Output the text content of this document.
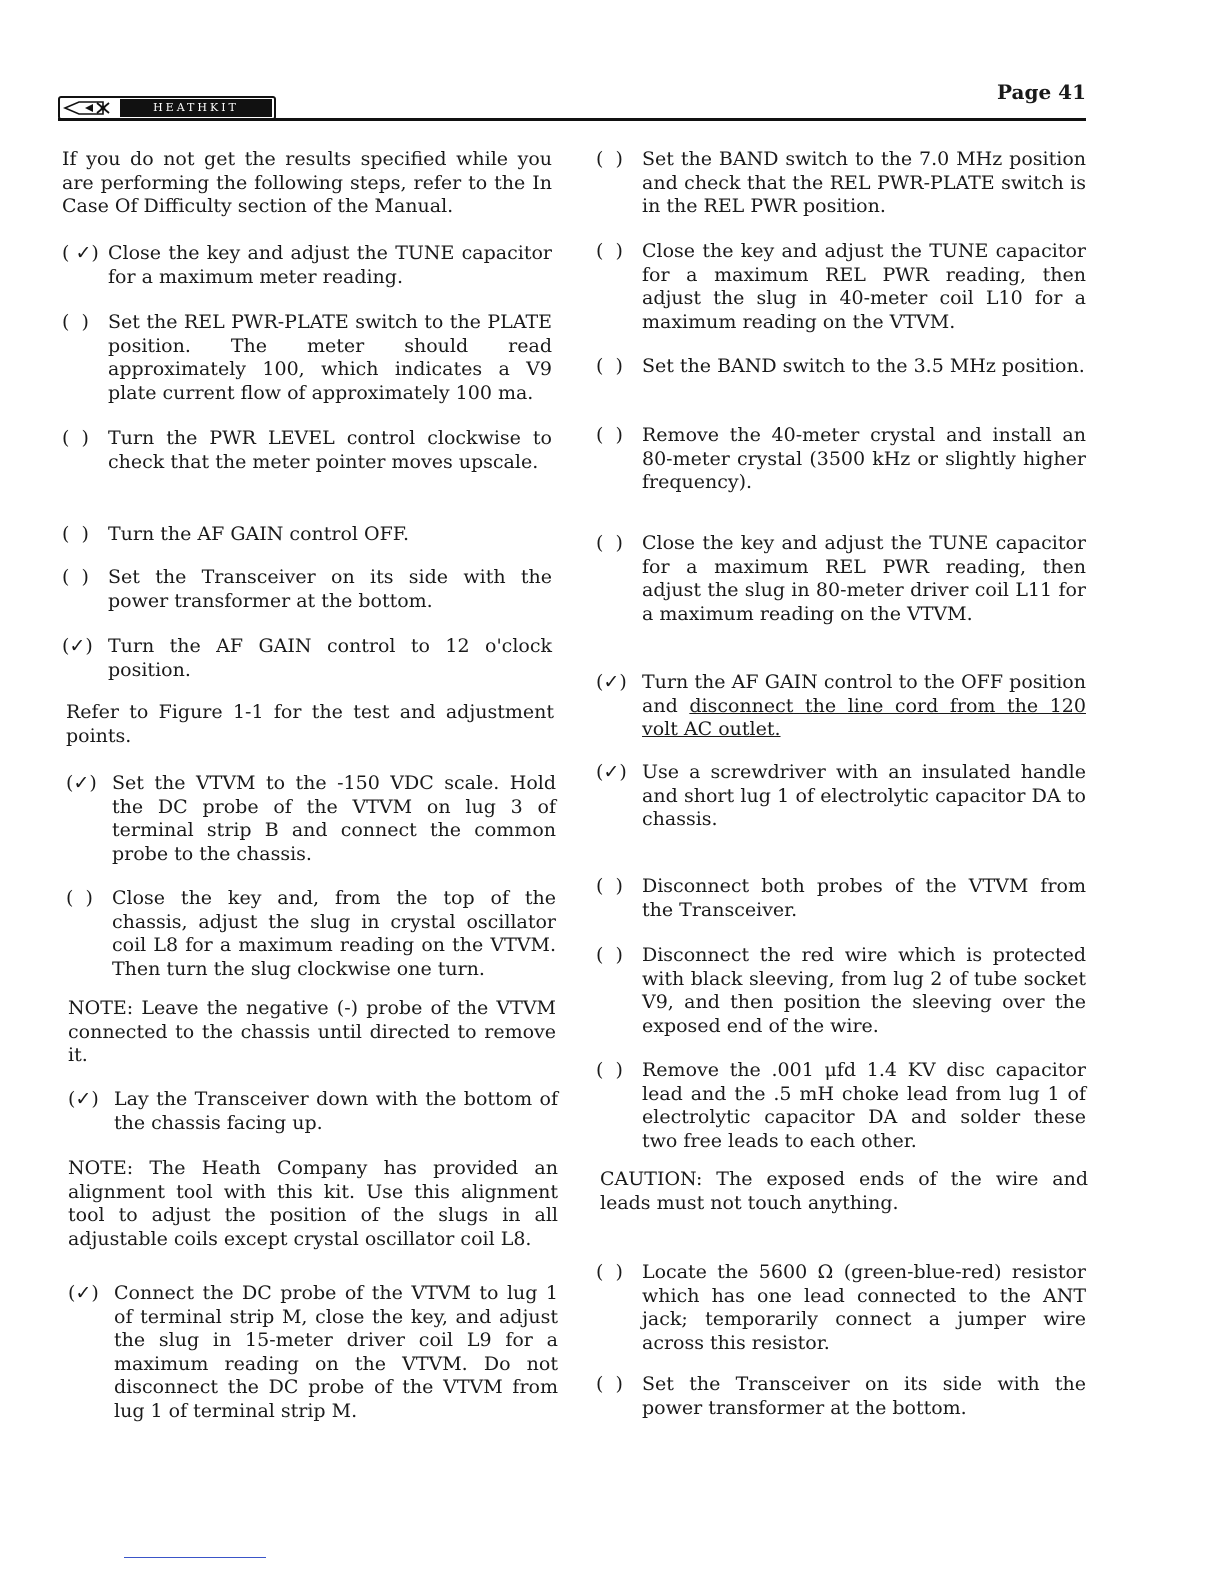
HEATHKIT
Page 41
If you do not get the results specified while you are performing the following steps, refer to the In Case Of Difficulty section of the Manual.
( ✓) Close the key and adjust the TUNE capacitor for a maximum meter reading.
(  )	Set the REL PWR-PLATE switch to the PLATE position. The meter should read approximately 100, which indicates a V9 plate current flow of approximately 100 ma.
(  )	Turn the PWR LEVEL control clockwise to check that the meter pointer moves upscale.
(  )	Turn the AF GAIN control OFF.
(  )	Set the Transceiver on its side with the power transformer at the bottom.
(✓) Turn the AF GAIN control to 12 o'clock position.
Refer to Figure 1-1 for the test and adjustment points.
(✓) Set the VTVM to the -150 VDC scale. Hold the DC probe of the VTVM on lug 3 of terminal strip B and connect the common probe to the chassis.
(  )	Close the key and, from the top of the chassis, adjust the slug in crystal oscillator coil L8 for a maximum reading on the VTVM. Then turn the slug clockwise one turn.
NOTE: Leave the negative (-) probe of the VTVM connected to the chassis until directed to remove it.
(✓) Lay the Transceiver down with the bottom of the chassis facing up.
NOTE: The Heath Company has provided an alignment tool with this kit. Use this alignment tool to adjust the position of the slugs in all adjustable coils except crystal oscillator coil L8.
(✓) Connect the DC probe of the VTVM to lug 1 of terminal strip M, close the key, and adjust the slug in 15-meter driver coil L9 for a maximum reading on the VTVM. Do not disconnect the DC probe of the VTVM from lug 1 of terminal strip M.
(  )	Set the BAND switch to the 7.0 MHz position and check that the REL PWR-PLATE switch is in the REL PWR position.
(  )	Close the key and adjust the TUNE capacitor for a maximum REL PWR reading, then adjust the slug in 40-meter coil L10 for a maximum reading on the VTVM.
(  )	Set the BAND switch to the 3.5 MHz position.
(  )	Remove the 40-meter crystal and install an 80-meter crystal (3500 kHz or slightly higher frequency).
(  )	Close the key and adjust the TUNE capacitor for a maximum REL PWR reading, then adjust the slug in 80-meter driver coil L11 for a maximum reading on the VTVM.
(✓) Turn the AF GAIN control to the OFF position and disconnect the line cord from the 120 volt AC outlet.
(✓) Use a screwdriver with an insulated handle and short lug 1 of electrolytic capacitor DA to chassis.
(  )	Disconnect both probes of the VTVM from the Transceiver.
(  )	Disconnect the red wire which is protected with black sleeving, from lug 2 of tube socket V9, and then position the sleeving over the exposed end of the wire.
(  )	Remove the .001 μfd 1.4 KV disc capacitor lead and the .5 mH choke lead from lug 1 of electrolytic capacitor DA and solder these two free leads to each other.
CAUTION: The exposed ends of the wire and leads must not touch anything.
(  )	Locate the 5600 Ω (green-blue-red) resistor which has one lead connected to the ANT jack; temporarily connect a jumper wire across this resistor.
(  )	Set the Transceiver on its side with the power transformer at the bottom.
